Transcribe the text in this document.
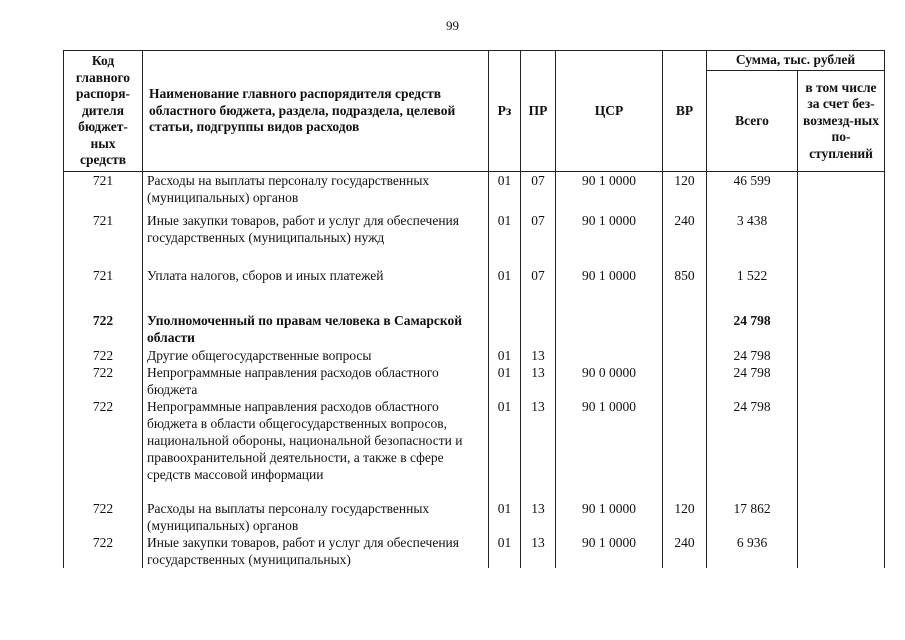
99
Код главного распоря-дителя бюджет-ных средств	Наименование главного распорядителя средств областного бюджета, раздела, подраздела, целевой статьи, подгруппы видов расходов	Рз	ПР	ЦСР	ВР	Сумма, тыс. рублей	
						Всего	в том числе за счет без-возмезд-ных по-ступлений
721	Расходы на выплаты персоналу государственных (муниципальных) органов	01	07	90 1 0000	120	46 599	
721	Иные закупки товаров, работ и услуг для обеспечения государственных (муниципальных) нужд	01	07	90 1 0000	240	3 438	
721	Уплата налогов, сборов и иных платежей	01	07	90 1 0000	850	1 522	
722	Уполномоченный по правам человека в Самарской области					24 798	
722	Другие общегосударственные вопросы	01	13			24 798	
722	Непрограммные направления расходов областного бюджета	01	13	90 0 0000		24 798	
722	Непрограммные направления расходов областного бюджета в области общегосударственных вопросов, национальной обороны, национальной безопасности и правоохранительной деятельности, а также в сфере средств массовой информации	01	13	90 1 0000		24 798	
722	Расходы на выплаты персоналу государственных (муниципальных) органов	01	13	90 1 0000	120	17 862	
722	Иные закупки товаров, работ и услуг для обеспечения государственных (муниципальных)	01	13	90 1 0000	240	6 936	
